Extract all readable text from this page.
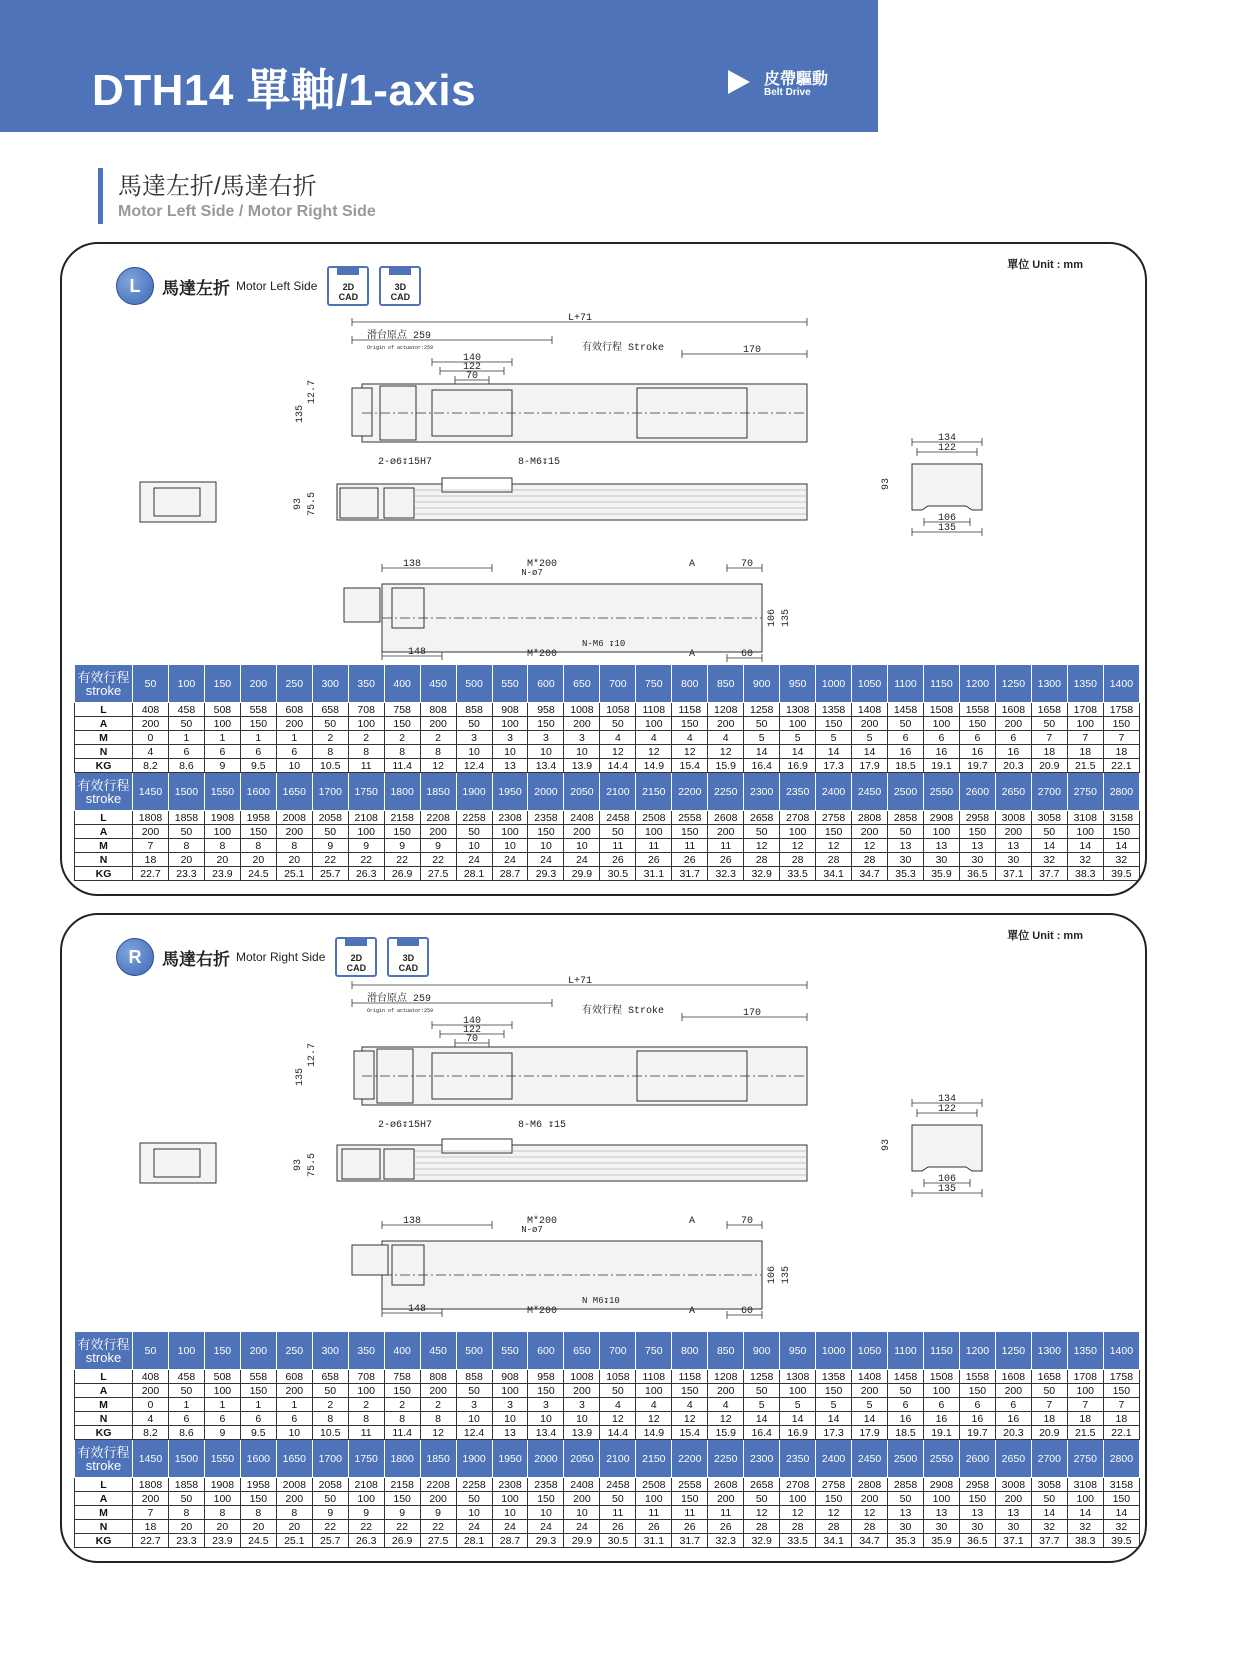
DTH14 單軸/1-axis	皮帶驅動
Belt Drive
馬達左折/馬達右折
Motor Left Side / Motor Right Side
L+71
滑台原点 259
Origin of actuator:259	有效行程 Stroke	170
140
122
70
135
12.7
2-ø6↧15H7	8-M6↧15
93 75.5
134
122
106
135
93
138	M*200
N-ø7
A	70
148	M*200
N-M6 ↧10
A	60
106 135
單位 Unit : mm
L	馬達左折 Motor Left Side	2D
CAD
3D
CAD
有效行程
stroke	50	100	150	200	250	300	350	400	450	500	550	600	650	700	750	800	850	900	950	1000	1050	1100	1150	1200	1250	1300	1350	1400
L	408	458	508	558	608	658	708	758	808	858	908	958	1008	1058	1108	1158	1208	1258	1308	1358	1408	1458	1508	1558	1608	1658	1708	1758
A	200	50	100	150	200	50	100	150	200	50	100	150	200	50	100	150	200	50	100	150	200	50	100	150	200	50	100	150
M	0	1	1	1	1	2	2	2	2	3	3	3	3	4	4	4	4	5	5	5	5	6	6	6	6	7	7	7
N	4	6	6	6	6	8	8	8	8	10	10	10	10	12	12	12	12	14	14	14	14	16	16	16	16	18	18	18
KG	8.2	8.6	9	9.5	10	10.5	11	11.4	12	12.4	13	13.4	13.9	14.4	14.9	15.4	15.9	16.4	16.9	17.3	17.9	18.5	19.1	19.7	20.3	20.9	21.5	22.1
有效行程
stroke	1450	1500	1550	1600	1650	1700	1750	1800	1850	1900	1950	2000	2050	2100	2150	2200	2250	2300	2350	2400	2450	2500	2550	2600	2650	2700	2750	2800
L	1808	1858	1908	1958	2008	2058	2108	2158	2208	2258	2308	2358	2408	2458	2508	2558	2608	2658	2708	2758	2808	2858	2908	2958	3008	3058	3108	3158
A	200	50	100	150	200	50	100	150	200	50	100	150	200	50	100	150	200	50	100	150	200	50	100	150	200	50	100	150
M	7	8	8	8	8	9	9	9	9	10	10	10	10	11	11	11	11	12	12	12	12	13	13	13	13	14	14	14
N	18	20	20	20	20	22	22	22	22	24	24	24	24	26	26	26	26	28	28	28	28	30	30	30	30	32	32	32
KG	22.7	23.3	23.9	24.5	25.1	25.7	26.3	26.9	27.5	28.1	28.7	29.3	29.9	30.5	31.1	31.7	32.3	32.9	33.5	34.1	34.7	35.3	35.9	36.5	37.1	37.7	38.3	39.5
L+71
滑台原点 259
Origin of actuator:259	有效行程 Stroke	170
140
122
70
135
12.7
2-ø6↧15H7	8-M6 ↧15
93 75.5
134
122
106
135
93
138	M*200
N-ø7
A	70
148	M*200
N M6↧10
A	60
106 135
單位 Unit : mm
R	馬達右折 Motor Right Side	2D
CAD
3D
CAD
有效行程
stroke	50	100	150	200	250	300	350	400	450	500	550	600	650	700	750	800	850	900	950	1000	1050	1100	1150	1200	1250	1300	1350	1400
L	408	458	508	558	608	658	708	758	808	858	908	958	1008	1058	1108	1158	1208	1258	1308	1358	1408	1458	1508	1558	1608	1658	1708	1758
A	200	50	100	150	200	50	100	150	200	50	100	150	200	50	100	150	200	50	100	150	200	50	100	150	200	50	100	150
M	0	1	1	1	1	2	2	2	2	3	3	3	3	4	4	4	4	5	5	5	5	6	6	6	6	7	7	7
N	4	6	6	6	6	8	8	8	8	10	10	10	10	12	12	12	12	14	14	14	14	16	16	16	16	18	18	18
KG	8.2	8.6	9	9.5	10	10.5	11	11.4	12	12.4	13	13.4	13.9	14.4	14.9	15.4	15.9	16.4	16.9	17.3	17.9	18.5	19.1	19.7	20.3	20.9	21.5	22.1
有效行程
stroke	1450	1500	1550	1600	1650	1700	1750	1800	1850	1900	1950	2000	2050	2100	2150	2200	2250	2300	2350	2400	2450	2500	2550	2600	2650	2700	2750	2800
L	1808	1858	1908	1958	2008	2058	2108	2158	2208	2258	2308	2358	2408	2458	2508	2558	2608	2658	2708	2758	2808	2858	2908	2958	3008	3058	3108	3158
A	200	50	100	150	200	50	100	150	200	50	100	150	200	50	100	150	200	50	100	150	200	50	100	150	200	50	100	150
M	7	8	8	8	8	9	9	9	9	10	10	10	10	11	11	11	11	12	12	12	12	13	13	13	13	14	14	14
N	18	20	20	20	20	22	22	22	22	24	24	24	24	26	26	26	26	28	28	28	28	30	30	30	30	32	32	32
KG	22.7	23.3	23.9	24.5	25.1	25.7	26.3	26.9	27.5	28.1	28.7	29.3	29.9	30.5	31.1	31.7	32.3	32.9	33.5	34.1	34.7	35.3	35.9	36.5	37.1	37.7	38.3	39.5
